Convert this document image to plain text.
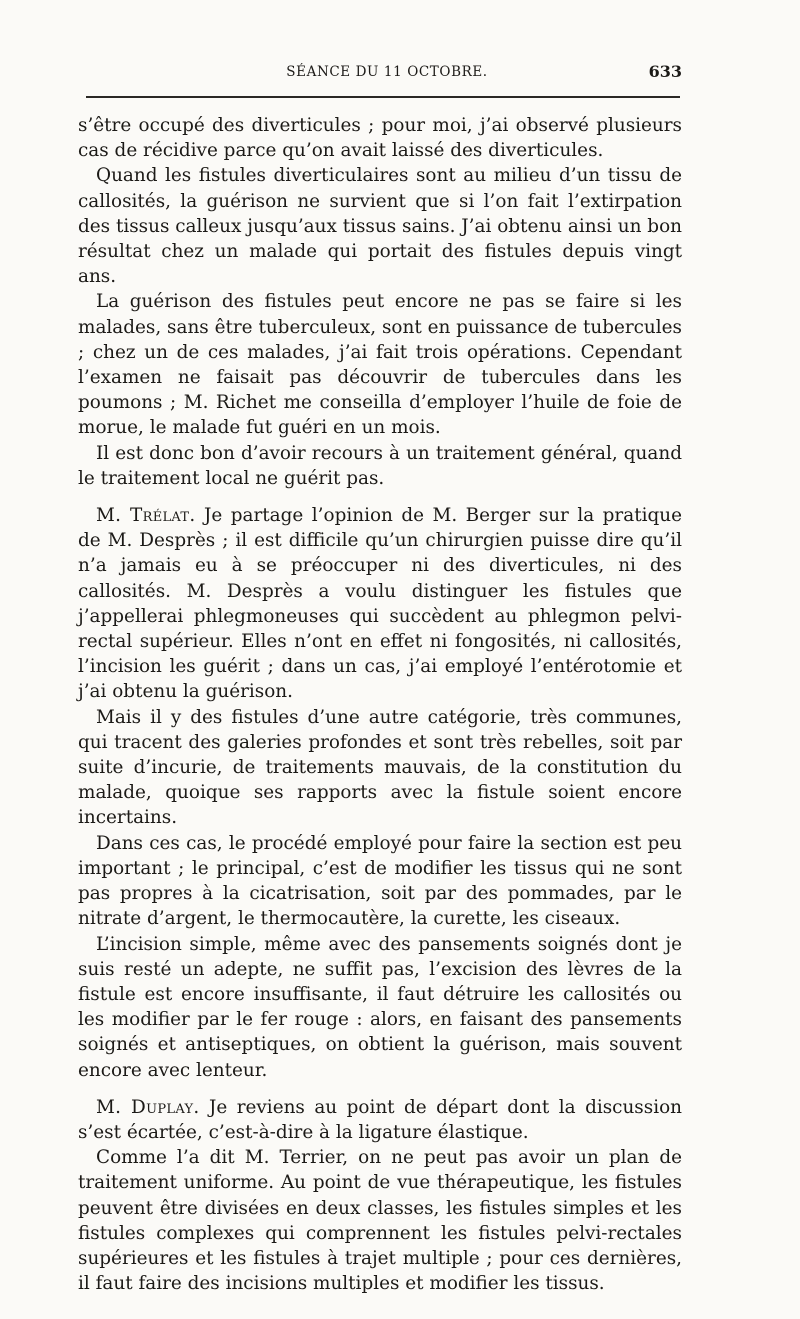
SÉANCE DU 11 OCTOBRE.	633

s’être occupé des diverticules ; pour moi, j’ai observé plusieurs cas de récidive parce qu’on avait laissé des diverticules.

Quand les fistules diverticulaires sont au milieu d’un tissu de callosités, la guérison ne survient que si l’on fait l’extirpation des tissus calleux jusqu’aux tissus sains. J’ai obtenu ainsi un bon résultat chez un malade qui portait des fistules depuis vingt ans.

La guérison des fistules peut encore ne pas se faire si les malades, sans être tuberculeux, sont en puissance de tubercules ; chez un de ces malades, j’ai fait trois opérations. Cependant l’examen ne faisait pas découvrir de tubercules dans les poumons ; M. Richet me conseilla d’employer l’huile de foie de morue, le malade fut guéri en un mois.

Il est donc bon d’avoir recours à un traitement général, quand le traitement local ne guérit pas.

M. Trélat. Je partage l’opinion de M. Berger sur la pratique de M. Desprès ; il est difficile qu’un chirurgien puisse dire qu’il n’a jamais eu à se préoccuper ni des diverticules, ni des callosités. M. Desprès a voulu distinguer les fistules que j’appellerai phlegmoneuses qui succèdent au phlegmon pelvi-rectal supérieur. Elles n’ont en effet ni fongosités, ni callosités, l’incision les guérit ; dans un cas, j’ai employé l’entérotomie et j’ai obtenu la guérison.

Mais il y des fistules d’une autre catégorie, très communes, qui tracent des galeries profondes et sont très rebelles, soit par suite d’incurie, de traitements mauvais, de la constitution du malade, quoique ses rapports avec la fistule soient encore incertains.

Dans ces cas, le procédé employé pour faire la section est peu important ; le principal, c’est de modifier les tissus qui ne sont pas propres à la cicatrisation, soit par des pommades, par le nitrate d’argent, le thermocautère, la curette, les ciseaux.

L’incision simple, même avec des pansements soignés dont je suis resté un adepte, ne suffit pas, l’excision des lèvres de la fistule est encore insuffisante, il faut détruire les callosités ou les modifier par le fer rouge : alors, en faisant des pansements soignés et antiseptiques, on obtient la guérison, mais souvent encore avec lenteur.

M. Duplay. Je reviens au point de départ dont la discussion s’est écartée, c’est-à-dire à la ligature élastique.

Comme l’a dit M. Terrier, on ne peut pas avoir un plan de traitement uniforme. Au point de vue thérapeutique, les fistules peuvent être divisées en deux classes, les fistules simples et les fistules complexes qui comprennent les fistules pelvi-rectales supérieures et les fistules à trajet multiple ; pour ces dernières, il faut faire des incisions multiples et modifier les tissus.
